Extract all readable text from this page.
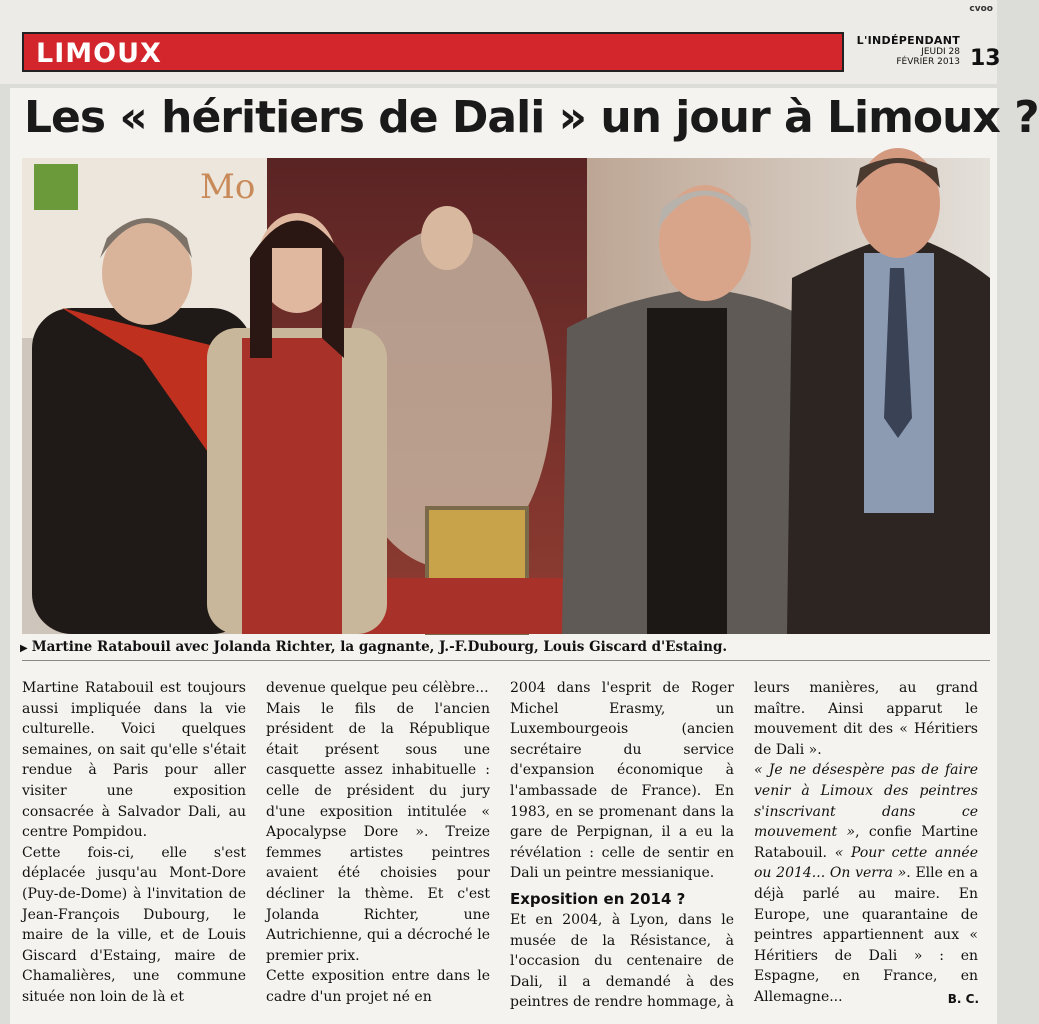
cvoo
LIMOUX	L'INDÉPENDANT
JEUDI 28
FÉVRIER 2013 13
Les « héritiers de Dali » un jour à Limoux ?
Mo
▶ Martine Ratabouil avec Jolanda Richter, la gagnante, J.-F.Dubourg, Louis Giscard d'Estaing.

Martine Ratabouil est toujours aussi impliquée dans la vie culturelle. Voici quelques semaines, on sait qu'elle s'était rendue à Paris pour aller visiter une exposition consacrée à Salvador Dali, au centre Pompidou.

Cette fois-ci, elle s'est déplacée jusqu'au Mont-Dore (Puy-de-Dome) à l'invitation de Jean-François Dubourg, le maire de la ville, et de Louis Giscard d'Estaing, maire de Chamalières, une commune située non loin de là et

devenue quelque peu célèbre...

Mais le fils de l'ancien président de la République était présent sous une casquette assez inhabituelle : celle de président du jury d'une exposition intitulée « Apocalypse Dore ». Treize femmes artistes peintres avaient été choisies pour décliner la thème. Et c'est Jolanda Richter, une Autrichienne, qui a décroché le premier prix.

Cette exposition entre dans le cadre d'un projet né en

2004 dans l'esprit de Roger Michel Erasmy, un Luxembourgeois (ancien secrétaire du service d'expansion économique à l'ambassade de France). En 1983, en se promenant dans la gare de Perpignan, il a eu la révélation : celle de sentir en Dali un peintre messianique.

Exposition en 2014 ?

Et en 2004, à Lyon, dans le musée de la Résistance, à l'occasion du centenaire de Dali, il a demandé à des peintres de rendre hommage, à

leurs manières, au grand maître. Ainsi apparut le mouvement dit des « Héritiers de Dali ».

« Je ne désespère pas de faire venir à Limoux des peintres s'inscrivant dans ce mouvement », confie Martine Ratabouil. « Pour cette année ou 2014... On verra ». Elle en a déjà parlé au maire. En Europe, une quarantaine de peintres appartiennent aux « Héritiers de Dali » : en Espagne, en France, en Allemagne...	B. C.
